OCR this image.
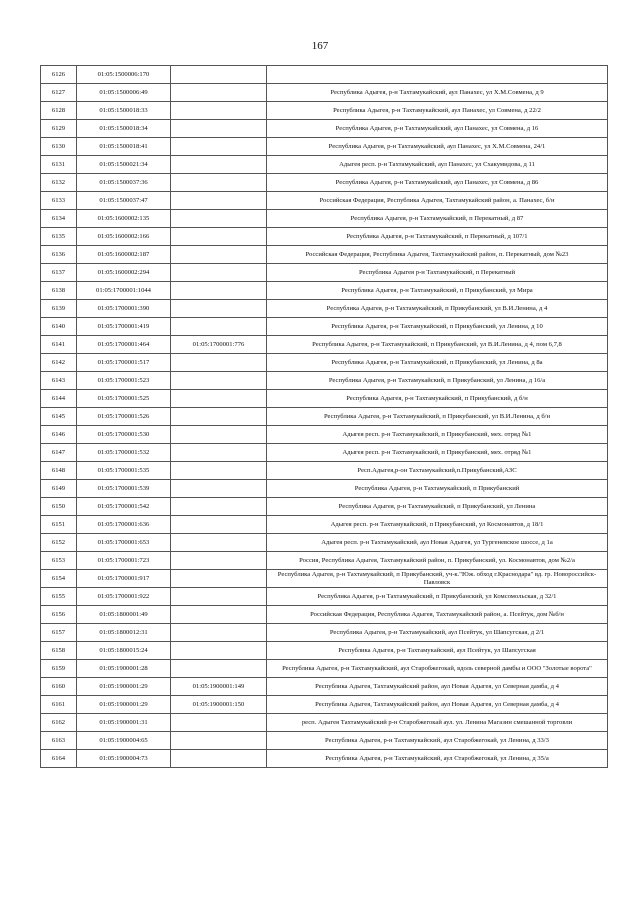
167
6126	01:05:1500006:170		
6127	01:05:1500006:49		Республика Адыгея, р-н Тахтамукайский, аул Панахес, ул Х.М.Совмена, д 9
6128	01:05:1500018:33		Республика Адыгея, р-н Тахтамукайский, аул Панахес, ул Совмена, д 22/2
6129	01:05:1500018:34		Республика Адыгея, р-н Тахтамукайский, аул Панахес, ул Совмена, д 16
6130	01:05:1500018:41		Республика Адыгея, р-н Тахтамукайский, аул Панахес, ул Х.М.Совмена, 24/1
6131	01:05:1500021:34		Адыгея респ. р-н Тахтамукайский, аул Панахес, ул Схакумидова, д 11
6132	01:05:1500037:36		Республика Адыгея, р-н Тахтамукайский, аул Панахес, ул Совмена, д 86
6133	01:05:1500037:47		Российская Федерация, Республика Адыгея, Тахтамукайский район, а. Панахес, б/н
6134	01:05:1600002:135		Республика Адыгея, р-н Тахтамукайский, п Перекатный, д 87
6135	01:05:1600002:166		Республика Адыгея, р-н Тахтамукайский, п Перекатный, д 107/1
6136	01:05:1600002:187		Российская Федерация, Республика Адыгея, Тахтамукайский район, п. Перекатный, дом №23
6137	01:05:1600002:294		Республика Адыгея р-н Тахтамукайский, п Перекатный
6138	01:05:1700001:1044		Республика Адыгея, р-н Тахтамукайский, п Прикубанский, ул Мира
6139	01:05:1700001:390		Республика Адыгея, р-н Тахтамукайский, п Прикубанский, ул В.И.Ленина, д 4
6140	01:05:1700001:419		Республика Адыгея, р-н Тахтамукайский, п Прикубанский, ул Ленина, д 10
6141	01:05:1700001:464	01:05:1700001:776	Республика Адыгея, р-н Тахтамукайский, п Прикубанский, ул В.И.Ленина, д 4, пом 6,7,8
6142	01:05:1700001:517		Республика Адыгея, р-н Тахтамукайский, п Прикубанский, ул Ленина, д 8а
6143	01:05:1700001:523		Республика Адыгея, р-н Тахтамукайский, п Прикубанский, ул Ленина, д 16/а
6144	01:05:1700001:525		Республика Адыгея, р-н Тахтамукайский, п Прикубанский, д б/н
6145	01:05:1700001:526		Республика Адыгея, р-н Тахтамукайский, п Прикубанский, ул В.И.Ленина, д б/н
6146	01:05:1700001:530		Адыгея респ. р-н Тахтамукайский, п Прикубанский, мех. отряд №1
6147	01:05:1700001:532		Адыгея респ. р-н Тахтамукайский, п Прикубанский, мех. отряд №1
6148	01:05:1700001:535		Респ.Адыгея,р-он Тахтамукайский,п.Прикубанский,АЗС
6149	01:05:1700001:539		Республика Адыгея, р-н Тахтамукайский, п Прикубанский
6150	01:05:1700001:542		Республика Адыгея, р-н Тахтамукайский, п Прикубанский, ул Ленина
6151	01:05:1700001:636		Адыгея респ. р-н Тахтамукайский, п Прикубанский, ул Космонавтов, д 18/1
6152	01:05:1700001:653		Адыгея респ. р-н Тахтамукайский, аул Новая Адыгея, ул Тургеневское шоссе, д 1а
6153	01:05:1700001:723		Россия, Республика Адыгея, Тахтамукайский район, п. Прикубанский, ул. Космонавтов, дом №2/а
6154	01:05:1700001:917		Республика Адыгея, р-н Тахтамукайский, п Прикубанский, уч-к."Юж. обход г.Краснодара" вд. гр. Новороссийск-Павловск
6155	01:05:1700001:922		Республика Адыгея, р-н Тахтамукайский, п Прикубанский, ул Комсомольская, д 32/1
6156	01:05:1800001:49		Российская Федерация, Республика Адыгея, Тахтамукайский район, а. Псейтук, дом №б/н
6157	01:05:1800012:31		Республика Адыгея, р-н Тахтамукайский, аул Псейтук, ул Шапсугская, д 2/1
6158	01:05:1800015:24		Республика Адыгея, р-н Тахтамукайский, аул Псейтук, ул Шапсугская
6159	01:05:1900001:28		Республика Адыгея, р-н Тахтамукайский, аул Старобжегокай, вдоль северной дамбы и ООО "Золотые ворота"
6160	01:05:1900001:29	01:05:1900001:149	Республика Адыгея, Тахтамукайский район, аул Новая Адыгея, ул Северная дамба, д 4
6161	01:05:1900001:29	01:05:1900001:150	Республика Адыгея, Тахтамукайский район, аул Новая Адыгея, ул Северная дамба, д 4
6162	01:05:1900001:31		респ. Адыгея Тахтамукайский р-н Старобжегокай аул. ул. Ленина Магазин смешанной торговли
6163	01:05:1900004:65		Республика Адыгея, р-н Тахтамукайский, аул Старобжегокай, ул Ленина, д 33/3
6164	01:05:1900004:73		Республика Адыгея, р-н Тахтамукайский, аул Старобжегокай, ул Ленина, д 35/а
